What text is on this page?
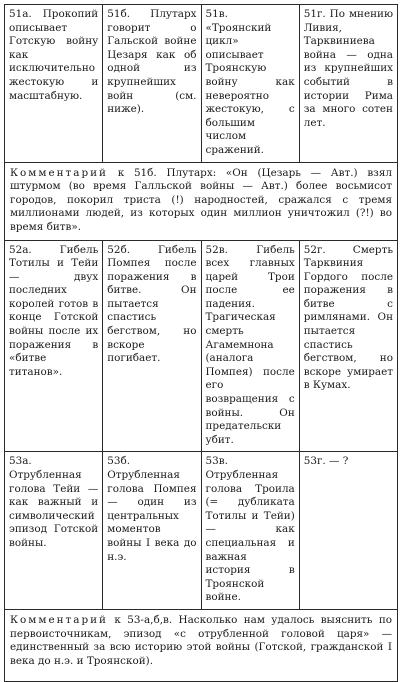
51а. Прокопий описывает Готскую войну как исключительно жестокую и масштабную.	51б. Плутарх говорит о Гальской войне Цезаря как об одной из крупнейших войн (см. ниже).	51в. «Троянский цикл» описывает Троянскую войну как невероятно жестокую, с большим числом сражений.	51г. По мнению Ливия, Тарквиниева война — одна из крупнейших событий в истории Рима за много сотен лет.
Комментарий к 51б. Плутарх: «Он (Цезарь — Авт.) взял штурмом (во время Галльской войны — Авт.) более восьмисот городов, покорил триста (!) народностей, сражался с тремя миллионами людей, из которых один миллион уничтожил (?!) во время битв».			
52а. Гибель Тотилы и Тейи — двух последних королей готов в конце Готской войны после их поражения в «битве титанов».	52б. Гибель Помпея после поражения в битве. Он пытается спастись бегством, но вскоре погибает.	52в. Гибель всех главных царей Трои после ее падения. Трагическая смерть Агамемнона (аналога Помпея) после его возвращения с войны. Он предательски убит.	52г. Смерть Тарквиния Гордого после поражения в битве с римлянами. Он пытается спастись бегством, но вскоре умирает в Кумах.
53а. Отрубленная голова Тейи — как важный и символический эпизод Готской войны.	53б. Отрубленная голова Помпея — один из центральных моментов войны I века до н.э.	53в. Отрубленная голова Троила (= дубликата Тотилы и Тейи) — как специальная и важная история в Троянской войне.	53г. — ?
Комментарий к 53-а,б,в. Насколько нам удалось выяснить по первоисточникам, эпизод «с отрубленной головой царя» — единственный за всю историю этой войны (Готской, гражданской I века до н.э. и Троянской).			
